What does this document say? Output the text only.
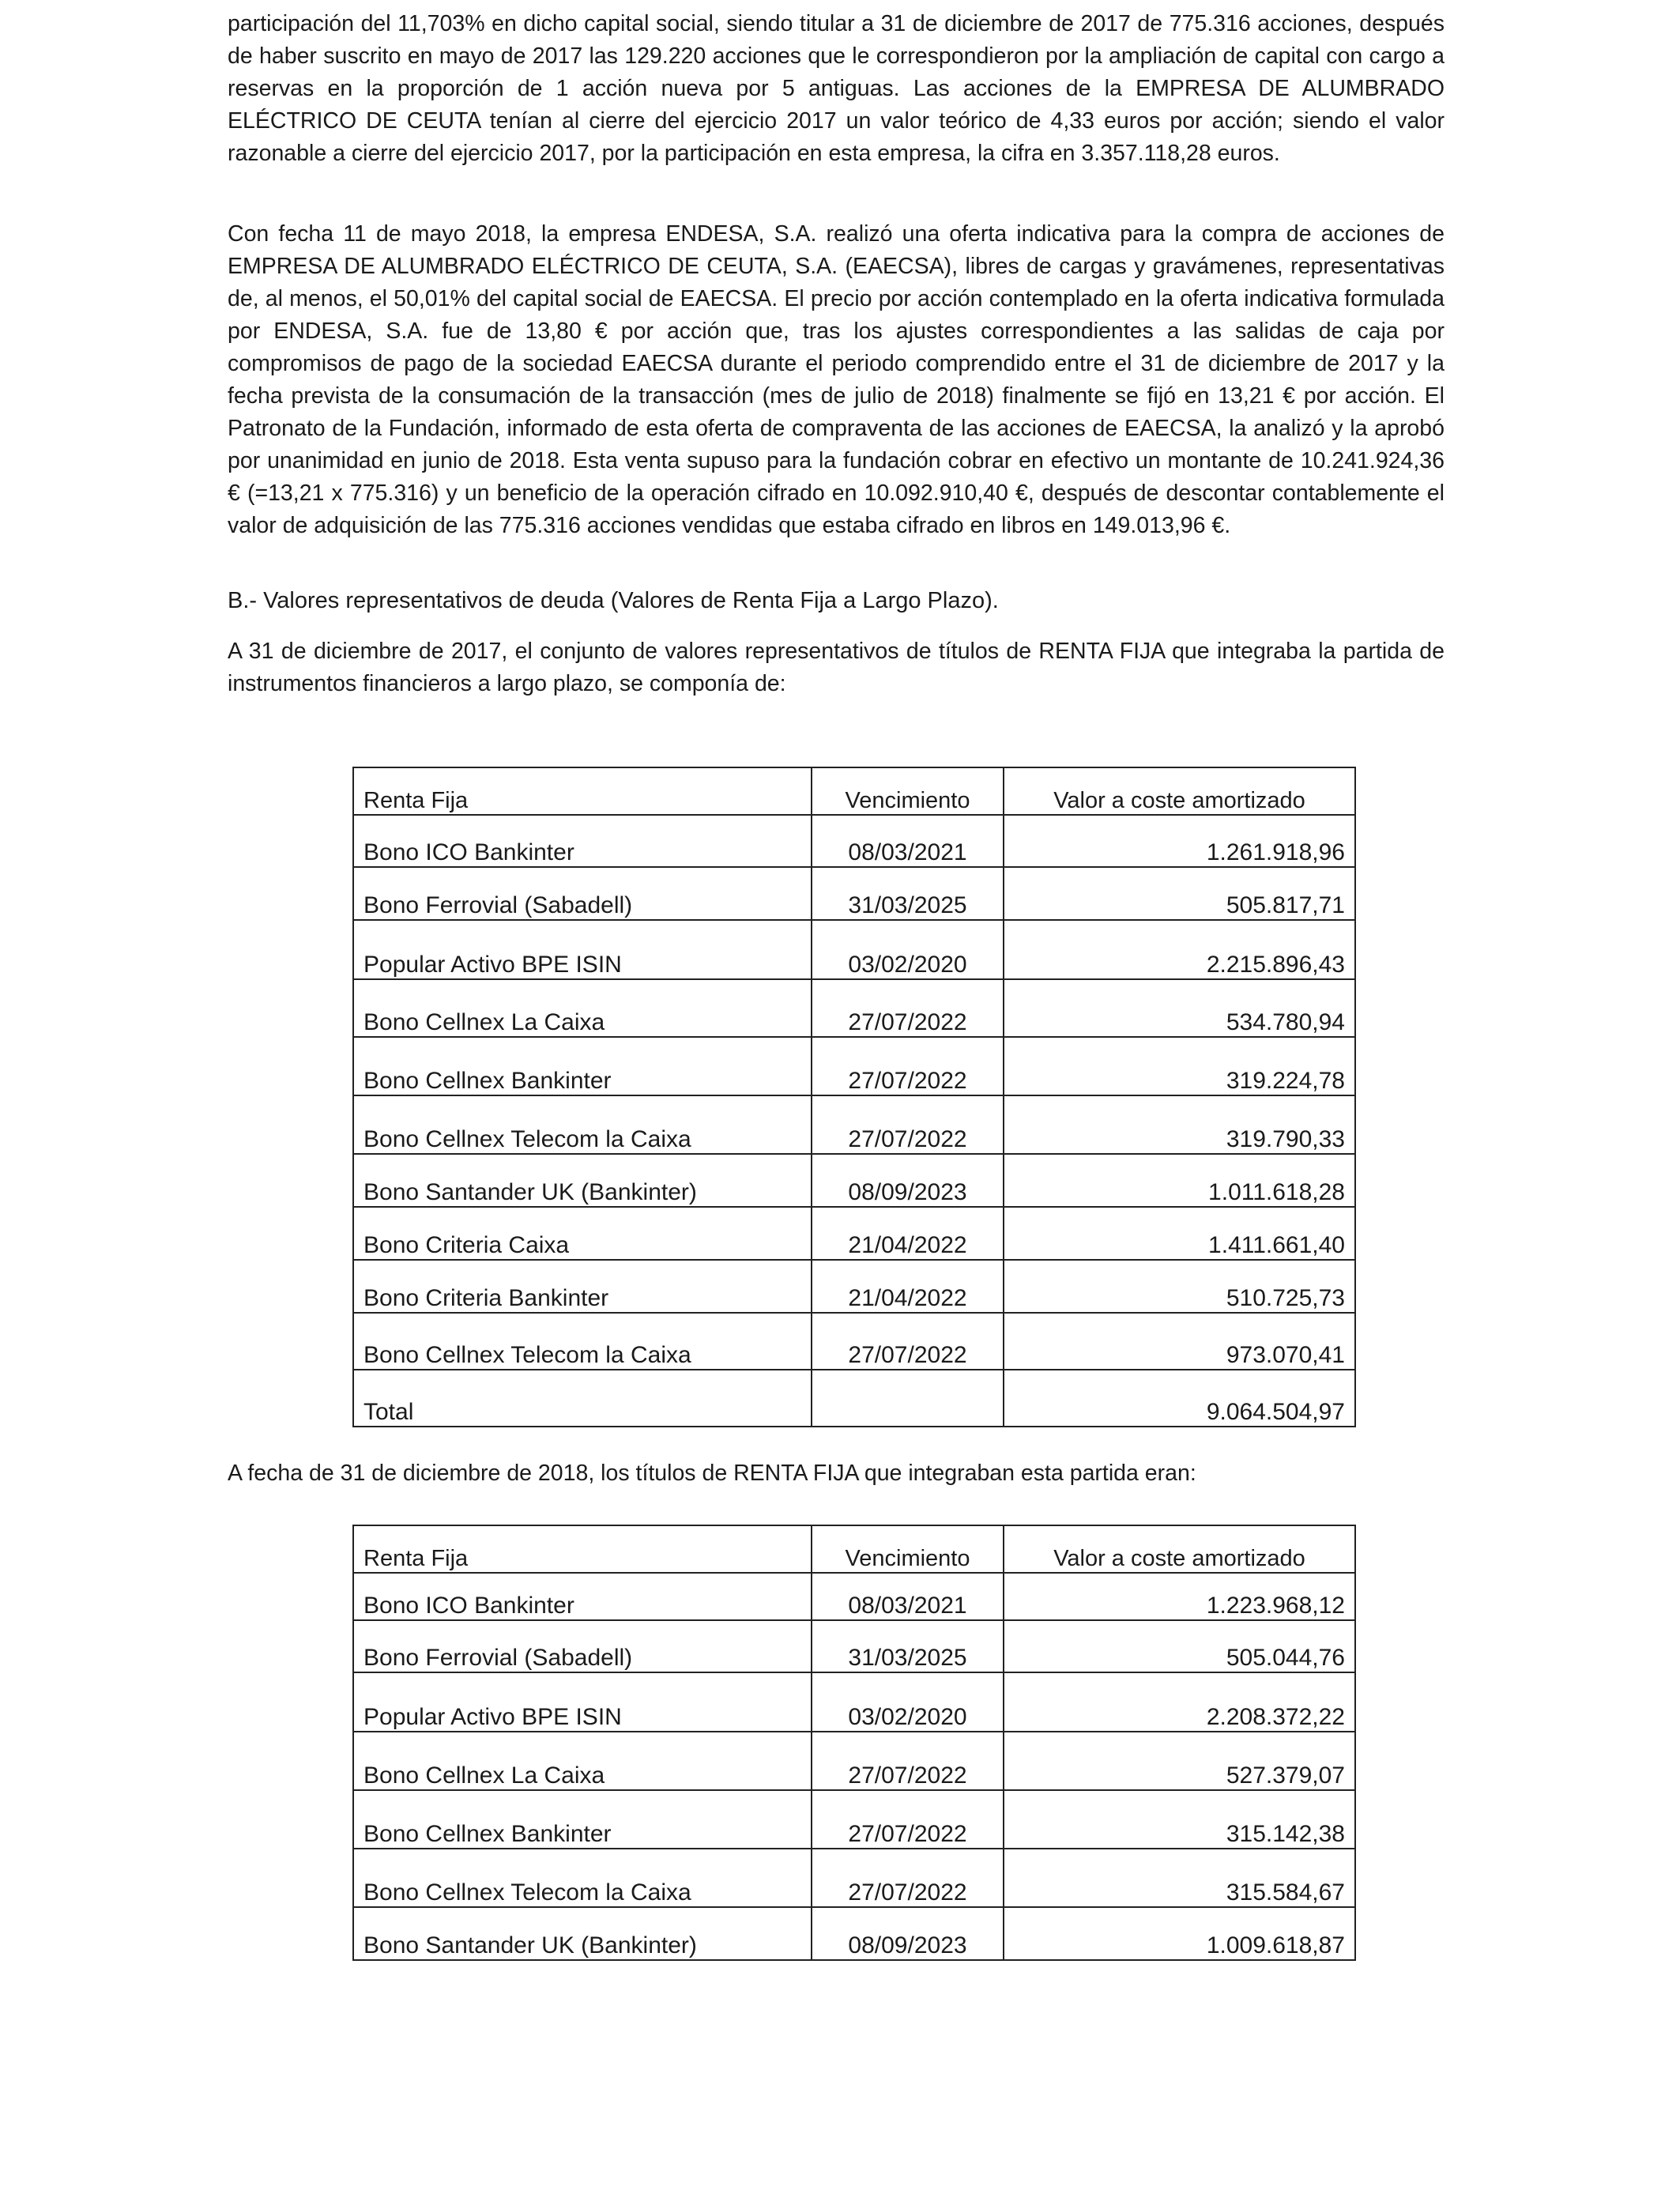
participación del 11,703% en dicho capital social, siendo titular a 31 de diciembre de 2017 de 775.316 acciones, después de haber suscrito en mayo de 2017 las 129.220 acciones que le correspondieron por la ampliación de capital con cargo a reservas en la proporción de 1 acción nueva por 5 antiguas. Las acciones de la EMPRESA DE ALUMBRADO ELÉCTRICO DE CEUTA tenían al cierre del ejercicio 2017 un valor teórico de 4,33 euros por acción; siendo el valor razonable a cierre del ejercicio 2017, por la participación en esta empresa, la cifra en 3.357.118,28 euros.

Con fecha 11 de mayo 2018, la empresa ENDESA, S.A. realizó una oferta indicativa para la compra de acciones de EMPRESA DE ALUMBRADO ELÉCTRICO DE CEUTA, S.A. (EAECSA), libres de cargas y gravámenes, representativas de, al menos, el 50,01% del capital social de EAECSA. El precio por acción contemplado en la oferta indicativa formulada por ENDESA, S.A. fue de 13,80 € por acción que, tras los ajustes correspondientes a las salidas de caja por compromisos de pago de la sociedad EAECSA durante el periodo comprendido entre el 31 de diciembre de 2017 y la fecha prevista de la consumación de la transacción (mes de julio de 2018) finalmente se fijó en 13,21 € por acción. El Patronato de la Fundación, informado de esta oferta de compraventa de las acciones de EAECSA, la analizó y la aprobó por unanimidad en junio de 2018. Esta venta supuso para la fundación cobrar en efectivo un montante de 10.241.924,36 € (=13,21 x 775.316) y un beneficio de la operación cifrado en 10.092.910,40 €, después de descontar contablemente el valor de adquisición de las 775.316 acciones vendidas que estaba cifrado en libros en 149.013,96 €.

B.- Valores representativos de deuda (Valores de Renta Fija a Largo Plazo).

A 31 de diciembre de 2017, el conjunto de valores representativos de títulos de RENTA FIJA que integraba la partida de instrumentos financieros a largo plazo, se componía de:

Renta Fija	Vencimiento	Valor a coste amortizado
Bono ICO Bankinter	08/03/2021	1.261.918,96
Bono Ferrovial (Sabadell)	31/03/2025	505.817,71
Popular Activo BPE ISIN	03/02/2020	2.215.896,43
Bono Cellnex La Caixa	27/07/2022	534.780,94
Bono Cellnex Bankinter	27/07/2022	319.224,78
Bono Cellnex Telecom la Caixa	27/07/2022	319.790,33
Bono Santander UK (Bankinter)	08/09/2023	1.011.618,28
Bono Criteria Caixa	21/04/2022	1.411.661,40
Bono Criteria Bankinter	21/04/2022	510.725,73
Bono Cellnex Telecom la Caixa	27/07/2022	973.070,41
Total		9.064.504,97

A fecha de 31 de diciembre de 2018, los títulos de RENTA FIJA que integraban esta partida eran:

Renta Fija	Vencimiento	Valor a coste amortizado
Bono ICO Bankinter	08/03/2021	1.223.968,12
Bono Ferrovial (Sabadell)	31/03/2025	505.044,76
Popular Activo BPE ISIN	03/02/2020	2.208.372,22
Bono Cellnex La Caixa	27/07/2022	527.379,07
Bono Cellnex Bankinter	27/07/2022	315.142,38
Bono Cellnex Telecom la Caixa	27/07/2022	315.584,67
Bono Santander UK (Bankinter)	08/09/2023	1.009.618,87
